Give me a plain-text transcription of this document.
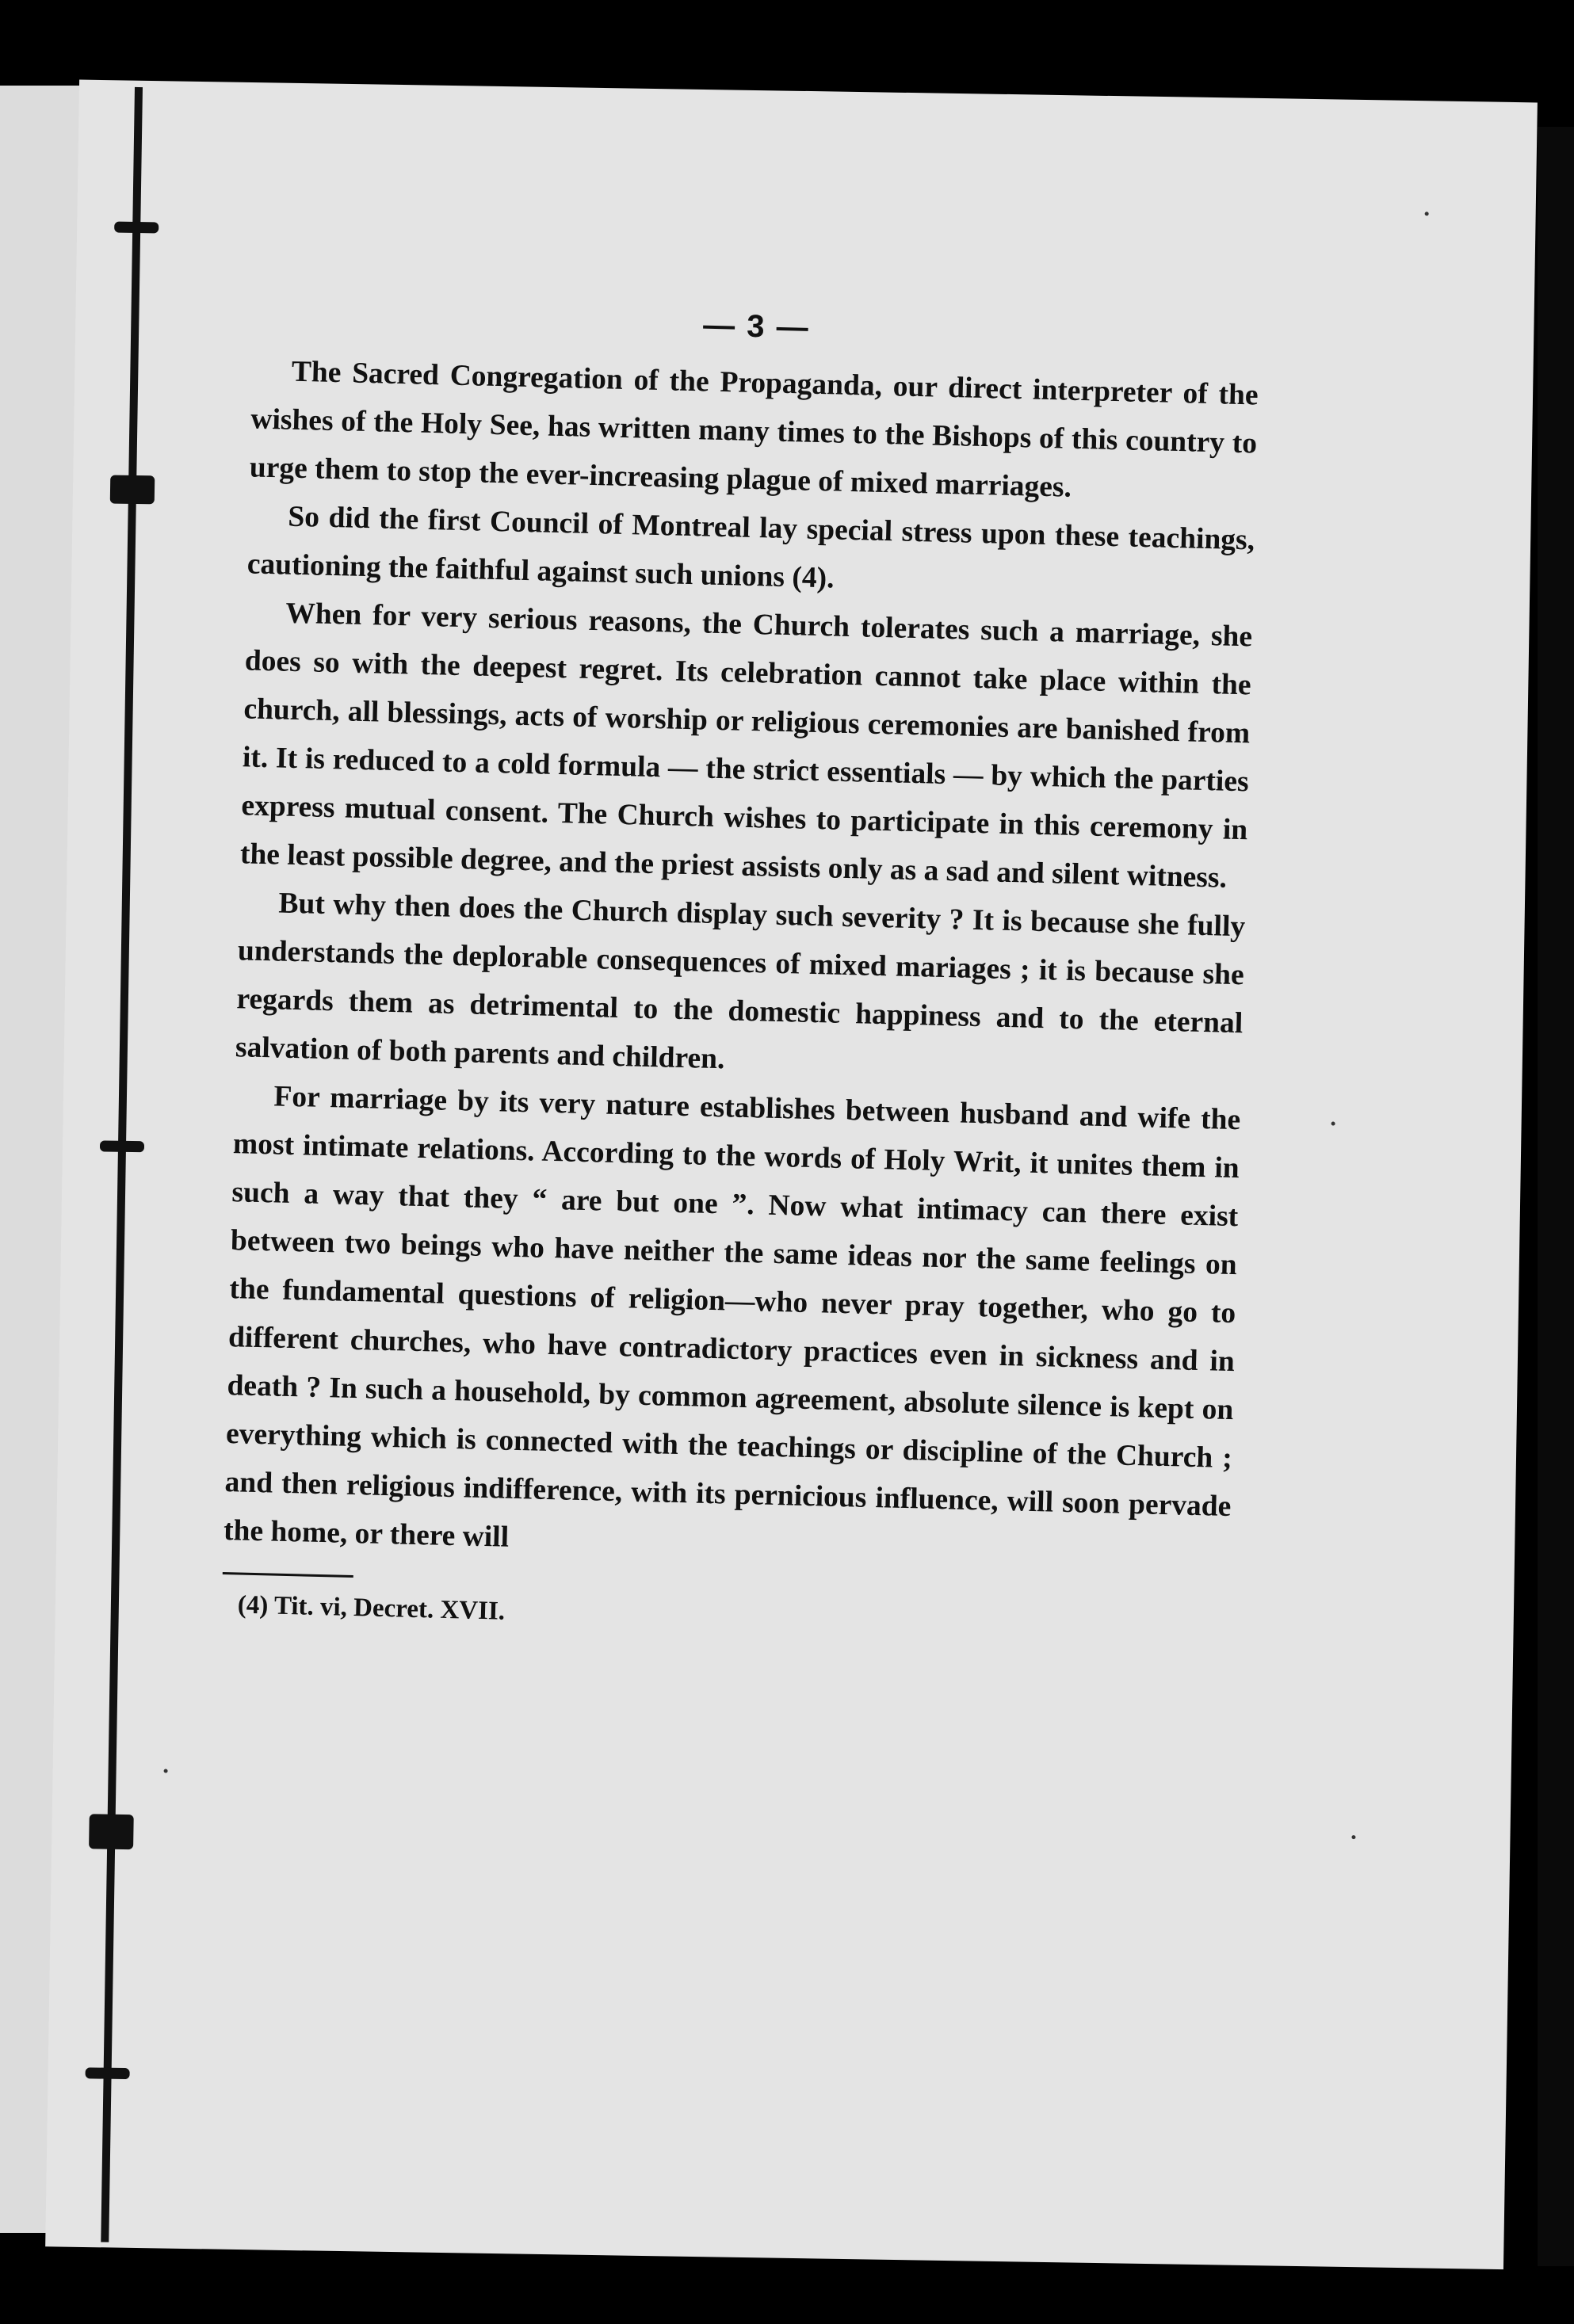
— 3 —

The Sacred Congregation of the Propaganda, our direct interpreter of the wishes of the Holy See, has written many times to the Bishops of this country to urge them to stop the ever-increasing plague of mixed marriages.

So did the first Council of Montreal lay special stress upon these teachings, cautioning the faithful against such unions (4).

When for very serious reasons, the Church tolerates such a marriage, she does so with the deepest regret. Its celebration cannot take place within the church, all blessings, acts of worship or religious ceremonies are banished from it. It is reduced to a cold formula — the strict essentials — by which the parties express mutual consent. The Church wishes to participate in this ceremony in the least possible degree, and the priest assists only as a sad and silent witness.

But why then does the Church display such severity ? It is because she fully understands the deplorable consequences of mixed mariages ; it is because she regards them as detrimental to the domestic happiness and to the eternal salvation of both parents and children.

For marriage by its very nature establishes between husband and wife the most intimate relations. According to the words of Holy Writ, it unites them in such a way that they “ are but one ”. Now what intimacy can there exist between two beings who have neither the same ideas nor the same feelings on the fundamental questions of religion—who never pray together, who go to different churches, who have contradictory practices even in sickness and in death ? In such a household, by common agreement, absolute silence is kept on everything which is connected with the teachings or discipline of the Church ; and then religious indifference, with its pernicious influence, will soon pervade the home, or there will

(4) Tit. vi, Decret. XVII.
